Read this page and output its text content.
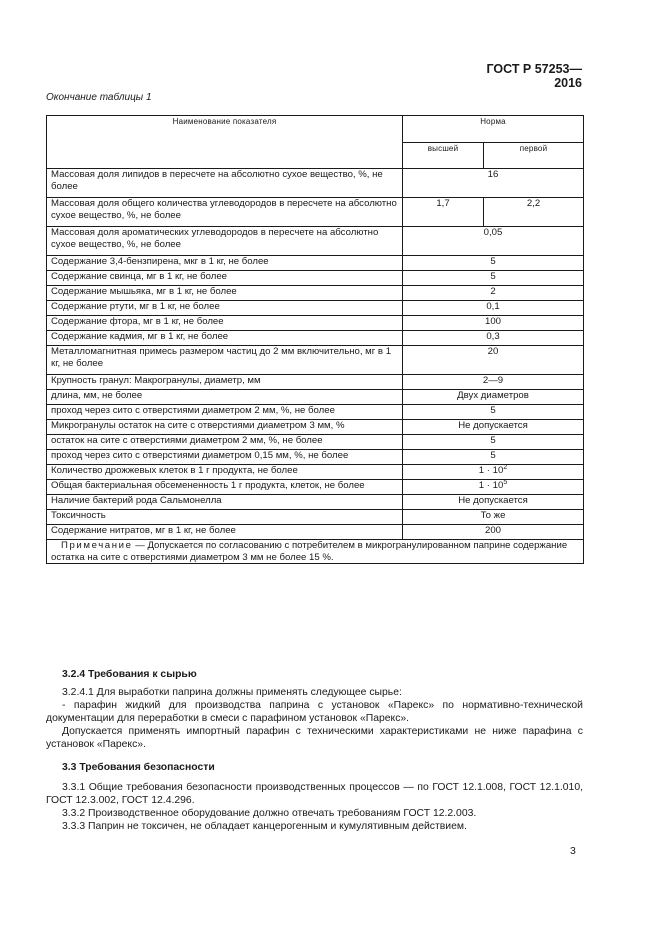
ГОСТ Р 57253—2016
Окончание таблицы 1
Наименование показателя	Норма	
	высшей	первой
Массовая доля липидов в пересчете на абсолютно сухое вещество, %, не более	16	
Массовая доля общего количества углеводородов в пересчете на абсолютно сухое вещество, %, не более	1,7	2,2
Массовая доля ароматических углеводородов в пересчете на абсолютно сухое вещество, %, не более	0,05	
Содержание 3,4-бензпирена, мкг в 1 кг, не более	5	
Содержание свинца, мг в 1 кг, не более	5	
Содержание мышьяка, мг в 1 кг, не более	2	
Содержание ртути, мг в 1 кг, не более	0,1	
Содержание фтора, мг в 1 кг, не более	100	
Содержание кадмия, мг в 1 кг, не более	0,3	
Металломагнитная примесь размером частиц до 2 мм включительно, мг в 1 кг, не более	20	
Крупность гранул: Макрогранулы, диаметр, мм	2—9	
длина, мм, не более	Двух диаметров	
проход через сито с отверстиями диаметром 2 мм, %, не более	5	
Микрогранулы остаток на сите с отверстиями диаметром 3 мм, %	Не допускается	
остаток на сите с отверстиями диаметром 2 мм, %, не более	5	
проход через сито с отверстиями диаметром 0,15 мм, %, не более	5	
Количество дрожжевых клеток в 1 г продукта, не более	$1 \cdot 10^2$
Общая бактериальная обсемененность 1 г продукта, клеток, не более	$1 \cdot 10^5$
Наличие бактерий рода Сальмонелла	Не допускается	
Токсичность	То же	
Содержание нитратов, мг в 1 кг, не более	200	
Примечание — Допускается по согласованию с потребителем в микрогранулированном паприне содержание остатка на сите с отверстиями диаметром 3 мм не более 15 %.		

3.2.4 Требования к сырью

3.2.4.1 Для выработки паприна должны применять следующее сырье:

- парафин жидкий для производства паприна с установок «Парекс» по нормативно-технической документации для переработки в смеси с парафином установок «Парекс».

Допускается применять импортный парафин с техническими характеристиками не ниже парафина с установок «Парекс».

3.3 Требования безопасности

3.3.1 Общие требования безопасности производственных процессов — по ГОСТ 12.1.008, ГОСТ 12.1.010, ГОСТ 12.3.002, ГОСТ 12.4.296.

3.3.2 Производственное оборудование должно отвечать требованиям ГОСТ 12.2.003.

3.3.3 Паприн не токсичен, не обладает канцерогенным и кумулятивным действием.

3
